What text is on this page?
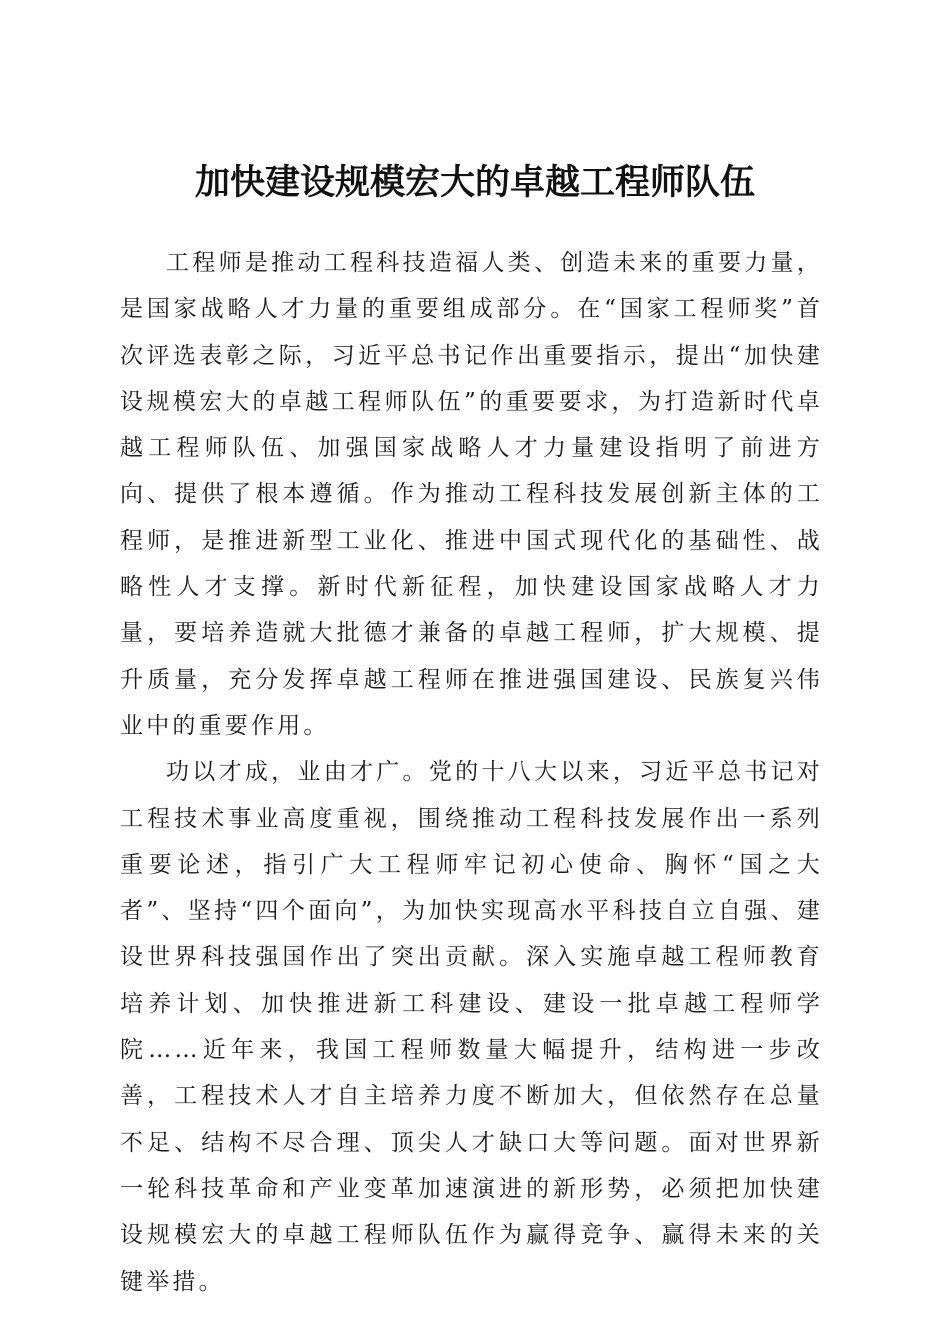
加快建设规模宏大的卓越工程师队伍

工程师是推动工程科技造福人类、创造未来的重要力量，是国家战略人才力量的重要组成部分。在“国家工程师奖”首次评选表彰之际，习近平总书记作出重要指示，提出“加快建设规模宏大的卓越工程师队伍”的重要要求，为打造新时代卓越工程师队伍、加强国家战略人才力量建设指明了前进方向、提供了根本遵循。作为推动工程科技发展创新主体的工程师，是推进新型工业化、推进中国式现代化的基础性、战略性人才支撑。新时代新征程，加快建设国家战略人才力量，要培养造就大批德才兼备的卓越工程师，扩大规模、提升质量，充分发挥卓越工程师在推进强国建设、民族复兴伟业中的重要作用。

功以才成，业由才广。党的十八大以来，习近平总书记对工程技术事业高度重视，围绕推动工程科技发展作出一系列重要论述，指引广大工程师牢记初心使命、胸怀“国之大者”、坚持“四个面向”，为加快实现高水平科技自立自强、建设世界科技强国作出了突出贡献。深入实施卓越工程师教育培养计划、加快推进新工科建设、建设一批卓越工程师学院……近年来，我国工程师数量大幅提升，结构进一步改善，工程技术人才自主培养力度不断加大，但依然存在总量不足、结构不尽合理、顶尖人才缺口大等问题。面对世界新一轮科技革命和产业变革加速演进的新形势，必须把加快建设规模宏大的卓越工程师队伍作为赢得竞争、赢得未来的关键举措。
